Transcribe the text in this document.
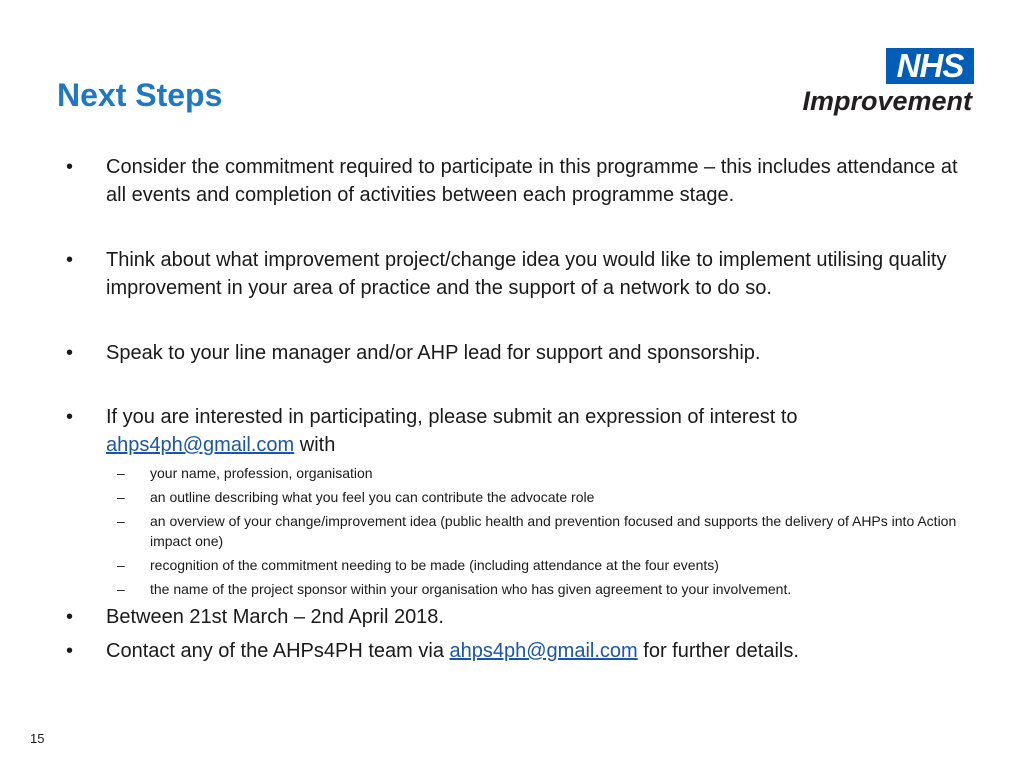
Next Steps
NHS
Improvement
• Consider the commitment required to participate in this programme – this includes attendance at all events and completion of activities between each programme stage.
• Think about what improvement project/change idea you would like to implement utilising quality improvement in your area of practice and the support of a network to do so.
• Speak to your line manager and/or AHP lead for support and sponsorship.
• If you are interested in participating, please submit an expression of interest to ahps4ph@gmail.com with
– your name, profession, organisation
– an outline describing what you feel you can contribute the advocate role
– an overview of your change/improvement idea (public health and prevention focused and supports the delivery of AHPs into Action impact one)
– recognition of the commitment needing to be made (including attendance at the four events)
– the name of the project sponsor within your organisation who has given agreement to your involvement.
• Between 21st March – 2nd April 2018.
• Contact any of the AHPs4PH team via ahps4ph@gmail.com for further details.
15
